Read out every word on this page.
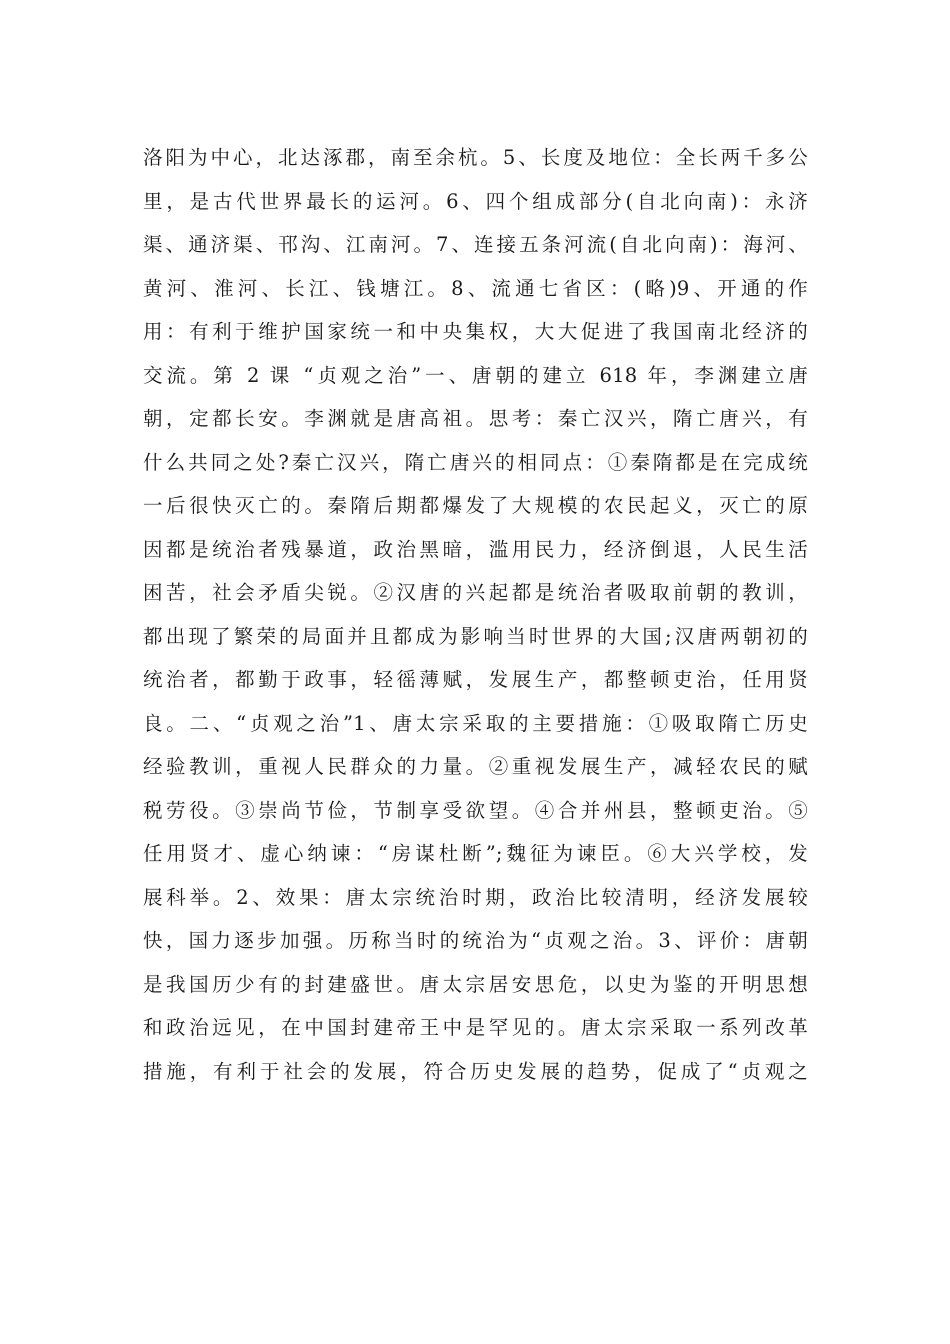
洛阳为中心，北达涿郡，南至余杭。5、长度及地位：全长两千多公
里，是古代世界最长的运河。6、四个组成部分(自北向南)：永济
渠、通济渠、邗沟、江南河。7、连接五条河流(自北向南)：海河、
黄河、淮河、长江、钱塘江。8、流通七省区：(略)9、开通的作
用：有利于维护国家统一和中央集权，大大促进了我国南北经济的
交流。第 2 课 “贞观之治”一、唐朝的建立 618 年，李渊建立唐
朝，定都长安。李渊就是唐高祖。思考：秦亡汉兴，隋亡唐兴，有
什么共同之处?秦亡汉兴，隋亡唐兴的相同点：①秦隋都是在完成统
一后很快灭亡的。秦隋后期都爆发了大规模的农民起义，灭亡的原
因都是统治者残暴道，政治黑暗，滥用民力，经济倒退，人民生活
困苦，社会矛盾尖锐。②汉唐的兴起都是统治者吸取前朝的教训，
都出现了繁荣的局面并且都成为影响当时世界的大国;汉唐两朝初的
统治者，都勤于政事，轻徭薄赋，发展生产，都整顿吏治，任用贤
良。二、“贞观之治”1、唐太宗采取的主要措施：①吸取隋亡历史
经验教训，重视人民群众的力量。②重视发展生产，减轻农民的赋
税劳役。③崇尚节俭，节制享受欲望。④合并州县，整顿吏治。⑤
任用贤才、虚心纳谏：“房谋杜断”;魏征为谏臣。⑥大兴学校，发
展科举。2、效果：唐太宗统治时期，政治比较清明，经济发展较
快，国力逐步加强。历称当时的统治为“贞观之治。3、评价：唐朝
是我国历少有的封建盛世。唐太宗居安思危，以史为鉴的开明思想
和政治远见，在中国封建帝王中是罕见的。唐太宗采取一系列改革
措施，有利于社会的发展，符合历史发展的趋势，促成了“贞观之
